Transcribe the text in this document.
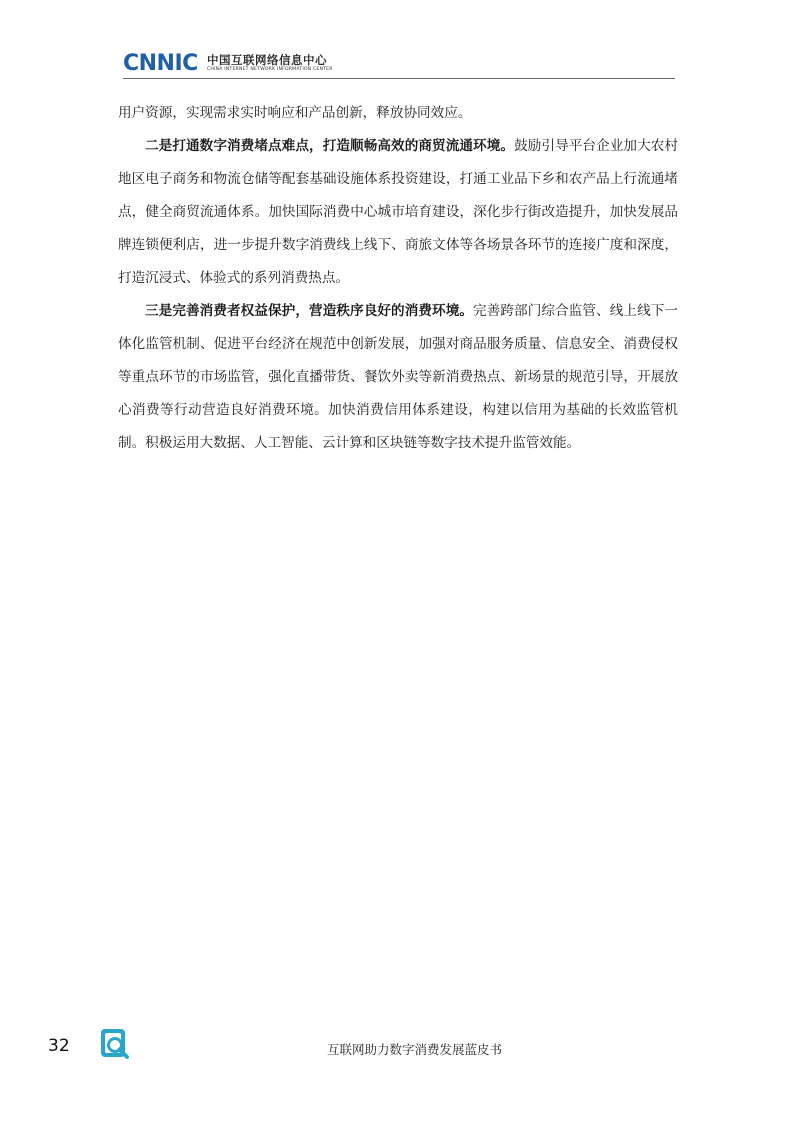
CNNIC 中国互联网络信息中心
CHINA INTERNET NETWORK INFORMATION CENTER

用户资源，实现需求实时响应和产品创新，释放协同效应。

二是打通数字消费堵点难点，打造顺畅高效的商贸流通环境。鼓励引导平台企业加大农村地区电子商务和物流仓储等配套基础设施体系投资建设，打通工业品下乡和农产品上行流通堵点，健全商贸流通体系。加快国际消费中心城市培育建设，深化步行街改造提升，加快发展品牌连锁便利店，进一步提升数字消费线上线下、商旅文体等各场景各环节的连接广度和深度，打造沉浸式、体验式的系列消费热点。

三是完善消费者权益保护，营造秩序良好的消费环境。完善跨部门综合监管、线上线下一体化监管机制、促进平台经济在规范中创新发展，加强对商品服务质量、信息安全、消费侵权等重点环节的市场监管，强化直播带货、餐饮外卖等新消费热点、新场景的规范引导，开展放心消费等行动营造良好消费环境。加快消费信用体系建设，构建以信用为基础的长效监管机制。积极运用大数据、人工智能、云计算和区块链等数字技术提升监管效能。

32	互联网助力数字消费发展蓝皮书
